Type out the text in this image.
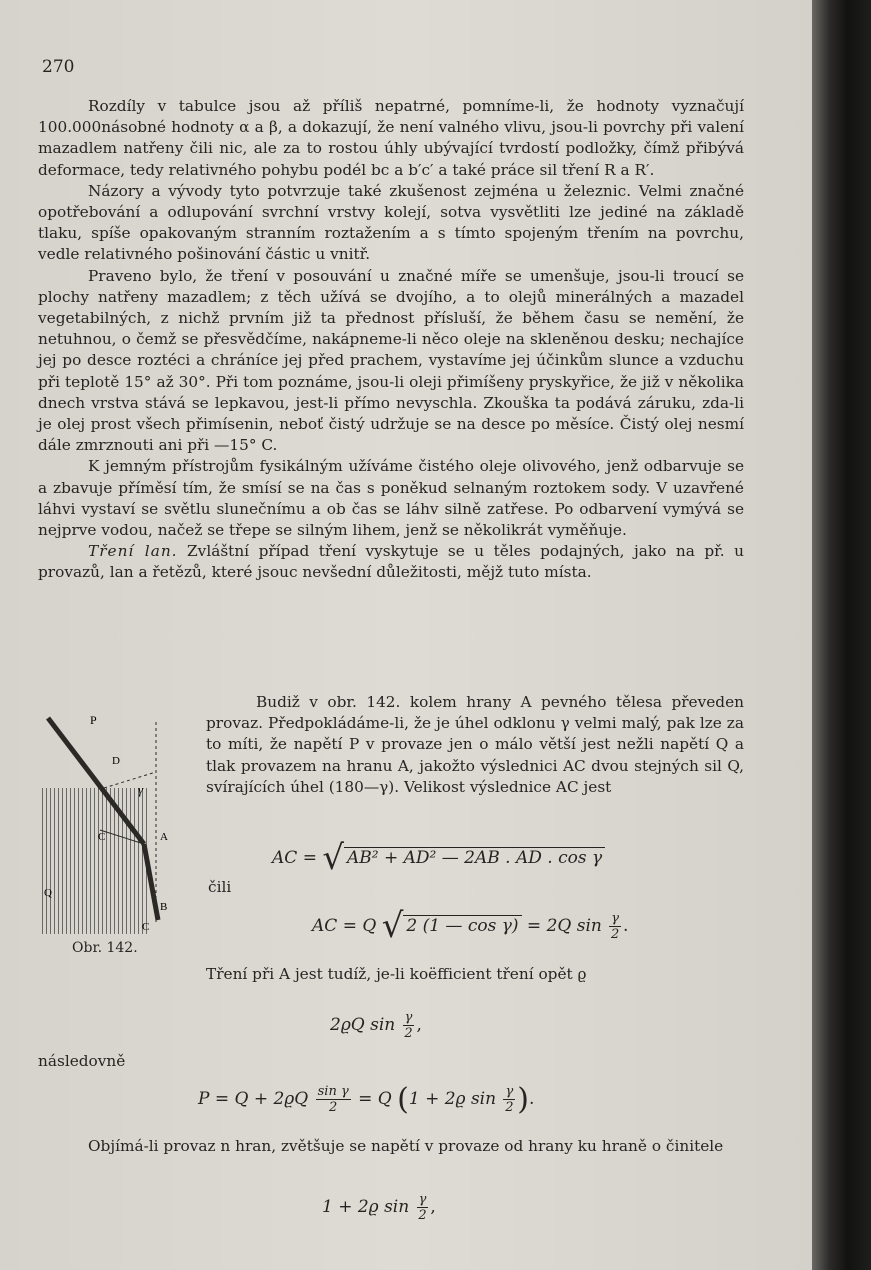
270

Rozdíly v tabulce jsou až příliš nepatrné, pomníme-li, že hodnoty vyznačují 100.000násobné hodnoty α a β, a dokazují, že není valného vlivu, jsou-li povrchy při valení mazadlem natřeny čili nic, ale za to rostou úhly ubývající tvrdostí podložky, čímž přibývá deformace, tedy relativného pohybu podél bc a b′c′ a také práce sil tření R a R′.

Názory a vývody tyto potvrzuje také zkušenost zejména u železnic. Velmi značné opotřebování a odlupování svrchní vrstvy kolejí, sotva vysvětliti lze jediné na základě tlaku, spíše opakovaným stranním roztažením a s tímto spojeným třením na povrchu, vedle relativného pošinování částic u vnitř.

Praveno bylo, že tření v posouvání u značné míře se umenšuje, jsou-li troucí se plochy natřeny mazadlem; z těch užívá se dvojího, a to olejů minerálných a mazadel vegetabilných, z nichž prvním již ta přednost přísluší, že během času se nemění, že netuhnou, o čemž se přesvědčíme, nakápneme-li něco oleje na skleněnou desku; nechajíce jej po desce roztéci a chráníce jej před prachem, vystavíme jej účinkům slunce a vzduchu při teplotě 15° až 30°. Při tom poznáme, jsou-li oleji přimíšeny pryskyřice, že již v několika dnech vrstva stává se lepkavou, jest-li přímo nevyschla. Zkouška ta podává záruku, zda-li je olej prost všech přimísenin, neboť čistý udržuje se na desce po měsíce. Čistý olej nesmí dále zmrznouti ani při —15° C.

K jemným přístrojům fysikálným užíváme čistého oleje olivového, jenž odbarvuje se a zbavuje příměsí tím, že smísí se na čas s poněkud selnaným roztokem sody. V uzavřené láhvi vystaví se světlu slunečnímu a ob čas se láhv silně zatřese. Po odbarvení vymývá se nejprve vodou, načež se třepe se silným lihem, jenž se několikrát vyměňuje.

Tření lan. Zvláštní případ tření vyskytuje se u těles podajných, jako na př. u provazů, lan a řetězů, které jsouc nevšední důležitosti, mějž tuto místa.

Budiž v obr. 142. kolem hrany A pevného tělesa převeden provaz. Předpokládáme-li, že je úhel odklonu γ velmi malý, pak lze za to míti, že napětí P v provaze jen o málo větší jest nežli napětí Q a tlak provazem na hranu A, jakožto výslednici AC dvou stejných sil Q, svírajících úhel (180—γ). Velikost výslednice AC jest

P
D
γ
C	A
Q
C
B
Obr. 142.
AC = √ AB² + AD² — 2AB . AD . cos γ
čili
AC = Q √ 2 (1 — cos γ) = 2Q $\sin \frac{\gamma}{2}$ .

Tření při A jest tudíž, je-li koëfficient tření opět ϱ

2ϱQ $\sin \frac{\gamma}{2}$ ,
následovně
$P = Q + 2ϱQ \frac{\text{sin γ}}{2} = Q$ (1 + 2ϱ $\sin \frac{\gamma}{2}$ ).

Objímá-li provaz n hran, zvětšuje se napětí v provaze od hrany ku hraně o činitele

1 + 2ϱ $\sin \frac{\gamma}{2}$ ,
